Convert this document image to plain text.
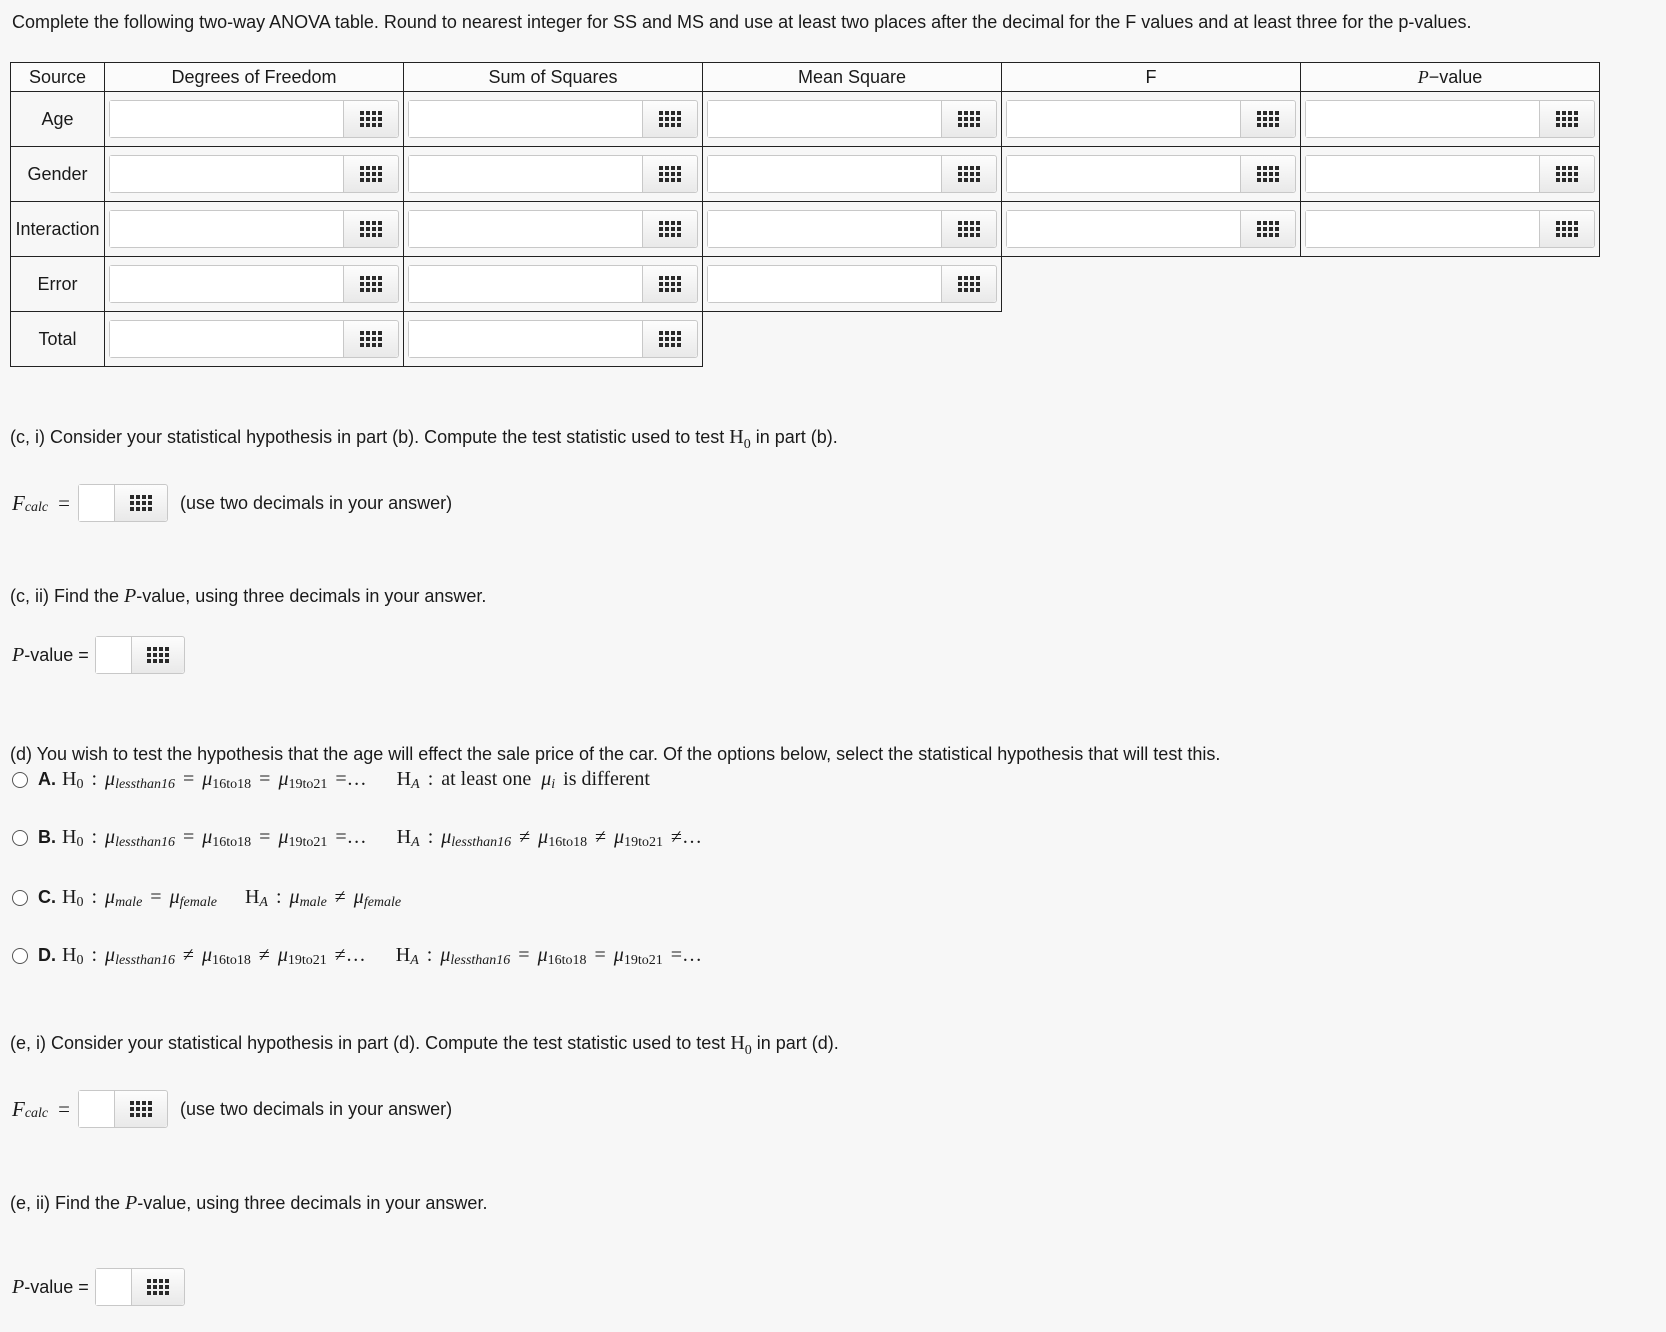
Complete the following two-way ANOVA table. Round to nearest integer for SS and MS and use at least two places after the decimal for the F values and at least three for the p-values.
Source	Degrees of Freedom	Sum of Squares	Mean Square	F	P−value
Age	

Gender	

Interaction	

Error	

Total	

(c, i) Consider your statistical hypothesis in part (b). Compute the test statistic used to test $H_0$ in part (b).
F calc =	(use two decimals in your answer)
(c, ii) Find the P-value, using three decimals in your answer.
P -value =
(d) You wish to test the hypothesis that the age will effect the sale price of the car. Of the options below, select the statistical hypothesis that will test this.
A. H 0 : μ lessthan16 = μ 16to18 = μ 19to21 =… H A : at least one μ i is different
B. H 0 : μ lessthan16 = μ 16to18 = μ 19to21 =… H A : μ lessthan16 ≠ μ 16to18 ≠ μ 19to21 ≠…
C. H 0 : μ male = μ female H A : μ male ≠ μ female
D. H 0 : μ lessthan16 ≠ μ 16to18 ≠ μ 19to21 ≠… H A : μ lessthan16 = μ 16to18 = μ 19to21 =…
(e, i) Consider your statistical hypothesis in part (d). Compute the test statistic used to test $H_0$ in part (d).
F calc =	(use two decimals in your answer)
(e, ii) Find the P-value, using three decimals in your answer.
P -value =
